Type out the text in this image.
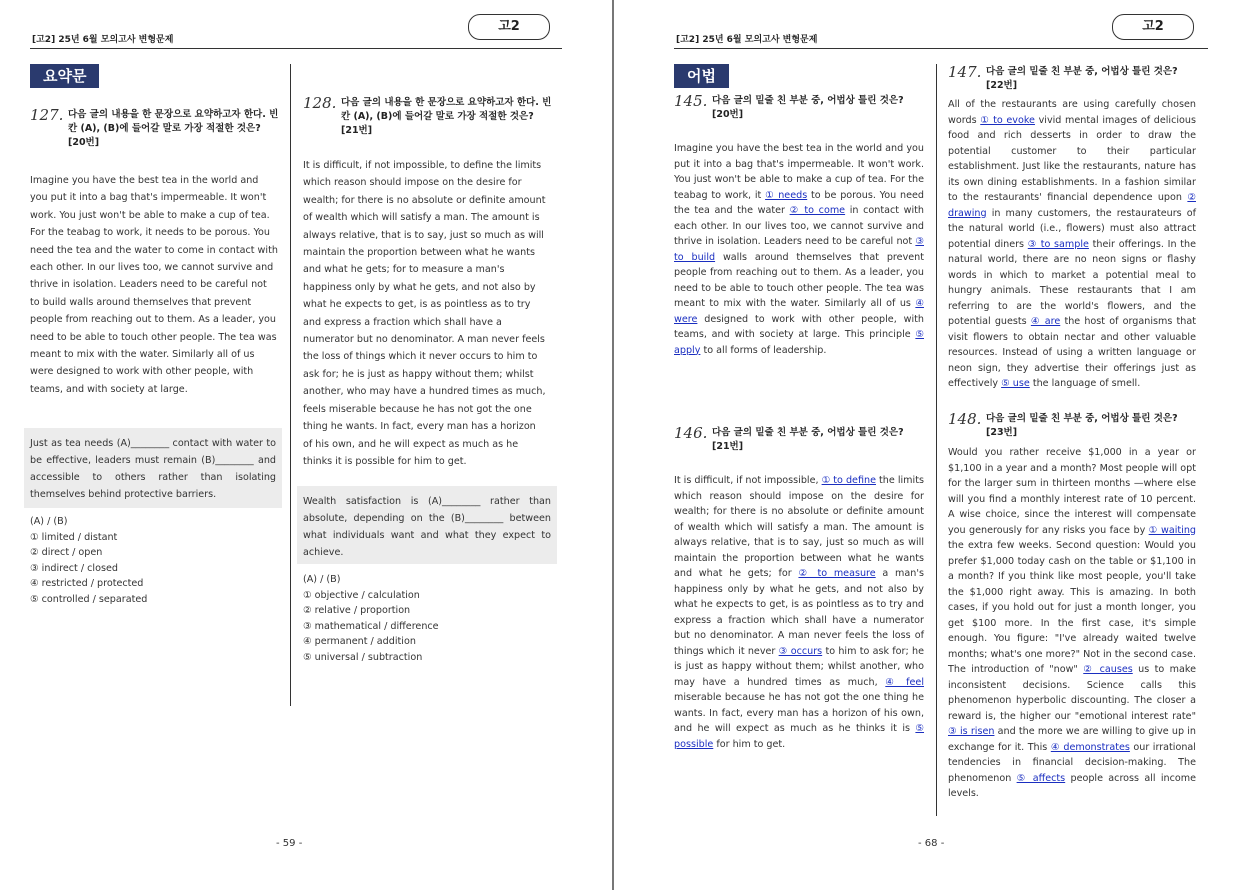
[고2] 25년 6월 모의고사 변형문제
고2
요약문
127. 다음 글의 내용을 한 문장으로 요약하고자 한다. 빈칸 (A), (B)에 들어갈 말로 가장 적절한 것은?
[20번]
Imagine you have the best tea in the world and you put it into a bag that's impermeable. It won't work. You just won't be able to make a cup of tea. For the teabag to work, it needs to be porous. You need the tea and the water to come in contact with each other. In our lives too, we cannot survive and thrive in isolation. Leaders need to be careful not to build walls around themselves that prevent people from reaching out to them. As a leader, you need to be able to touch other people. The tea was meant to mix with the water. Similarly all of us were designed to work with other people, with teams, and with society at large.
Just as tea needs (A)________ contact with water to be effective, leaders must remain (B)________ and accessible to others rather than isolating themselves behind protective barriers.
(A) / (B)
① limited / distant
② direct / open
③ indirect / closed
④ restricted / protected
⑤ controlled / separated
128. 다음 글의 내용을 한 문장으로 요약하고자 한다. 빈칸 (A), (B)에 들어갈 말로 가장 적절한 것은?
[21번]
It is difficult, if not impossible, to define the limits which reason should impose on the desire for wealth; for there is no absolute or definite amount of wealth which will satisfy a man. The amount is always relative, that is to say, just so much as will maintain the proportion between what he wants and what he gets; for to measure a man's happiness only by what he gets, and not also by what he expects to get, is as pointless as to try and express a fraction which shall have a numerator but no denominator. A man never feels the loss of things which it never occurs to him to ask for; he is just as happy without them; whilst another, who may have a hundred times as much, feels miserable because he has not got the one thing he wants. In fact, every man has a horizon of his own, and he will expect as much as he thinks it is possible for him to get.
Wealth satisfaction is (A)________ rather than absolute, depending on the (B)________ between what individuals want and what they expect to achieve.
(A) / (B)
① objective / calculation
② relative / proportion
③ mathematical / difference
④ permanent / addition
⑤ universal / subtraction
- 59 -
[고2] 25년 6월 모의고사 변형문제
고2
어법
145. 다음 글의 밑줄 친 부분 중, 어법상 틀린 것은?
[20번]
Imagine you have the best tea in the world and you put it into a bag that's impermeable. It won't work. You just won't be able to make a cup of tea. For the teabag to work, it ① needs to be porous. You need the tea and the water ② to come in contact with each other. In our lives too, we cannot survive and thrive in isolation. Leaders need to be careful not ③ to build walls around themselves that prevent people from reaching out to them. As a leader, you need to be able to touch other people. The tea was meant to mix with the water. Similarly all of us ④ were designed to work with other people, with teams, and with society at large. This principle ⑤ apply to all forms of leadership.
146. 다음 글의 밑줄 친 부분 중, 어법상 틀린 것은?
[21번]
It is difficult, if not impossible, ① to define the limits which reason should impose on the desire for wealth; for there is no absolute or definite amount of wealth which will satisfy a man. The amount is always relative, that is to say, just so much as will maintain the proportion between what he wants and what he gets; for ② to measure a man's happiness only by what he gets, and not also by what he expects to get, is as pointless as to try and express a fraction which shall have a numerator but no denominator. A man never feels the loss of things which it never ③ occurs to him to ask for; he is just as happy without them; whilst another, who may have a hundred times as much, ④ feel miserable because he has not got the one thing he wants. In fact, every man has a horizon of his own, and he will expect as much as he thinks it is ⑤ possible for him to get.
147. 다음 글의 밑줄 친 부분 중, 어법상 틀린 것은?
[22번]
All of the restaurants are using carefully chosen words ① to evoke vivid mental images of delicious food and rich desserts in order to draw the potential customer to their particular establishment. Just like the restaurants, nature has its own dining establishments. In a fashion similar to the restaurants' financial dependence upon ② drawing in many customers, the restaurateurs of the natural world (i.e., flowers) must also attract potential diners ③ to sample their offerings. In the natural world, there are no neon signs or flashy words in which to market a potential meal to hungry animals. These restaurants that I am referring to are the world's flowers, and the potential guests ④ are the host of organisms that visit flowers to obtain nectar and other valuable resources. Instead of using a written language or neon sign, they advertise their offerings just as effectively ⑤ use the language of smell.
148. 다음 글의 밑줄 친 부분 중, 어법상 틀린 것은?
[23번]
Would you rather receive $1,000 in a year or $1,100 in a year and a month? Most people will opt for the larger sum in thirteen months —where else will you find a monthly interest rate of 10 percent. A wise choice, since the interest will compensate you generously for any risks you face by ① waiting the extra few weeks. Second question: Would you prefer $1,000 today cash on the table or $1,100 in a month? If you think like most people, you'll take the $1,000 right away. This is amazing. In both cases, if you hold out for just a month longer, you get $100 more. In the first case, it's simple enough. You figure: "I've already waited twelve months; what's one more?" Not in the second case. The introduction of "now" ② causes us to make inconsistent decisions. Science calls this phenomenon hyperbolic discounting. The closer a reward is, the higher our "emotional interest rate" ③ is risen and the more we are willing to give up in exchange for it. This ④ demonstrates our irrational tendencies in financial decision-making. The phenomenon ⑤ affects people across all income levels.
- 68 -
